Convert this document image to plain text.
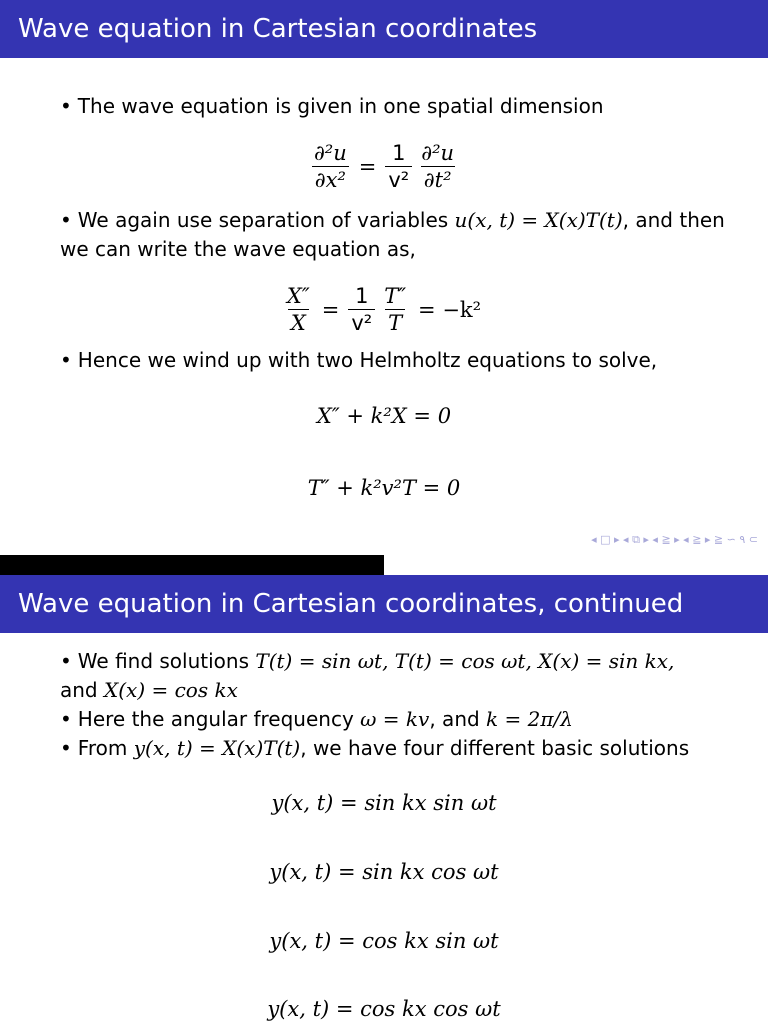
Wave equation in Cartesian coordinates
• The wave equation is given in one spatial dimension
$\frac{\text{∂²u}}{\text{∂x²}} = \frac{1}{\text{v²}} \frac{\text{∂²u}}{\text{∂t²}}$
• We again use separation of variables u(x, t) = X(x)T(t), and then we can write the wave equation as,
$\frac{X''}{X} = \frac{1}{\text{v²}} \frac{T''}{T} = -k^2$
• Hence we wind up with two Helmholtz equations to solve,
X″ + k²X = 0
T″ + k²v²T = 0
◂ □ ▸ ◂ ⧉ ▸ ◂ ≧ ▸ ◂ ≧ ▸ ≧ ∽ ۹ ⊂
Wave equation in Cartesian coordinates, continued
• We find solutions T(t) = sin ωt, T(t) = cos ωt, X(x) = sin kx,
and X(x) = cos kx
• Here the angular frequency ω = kv, and k = 2π/λ
• From y(x, t) = X(x)T(t), we have four different basic solutions
y(x, t) = sin kx sin ωt
y(x, t) = sin kx cos ωt
y(x, t) = cos kx sin ωt
y(x, t) = cos kx cos ωt
